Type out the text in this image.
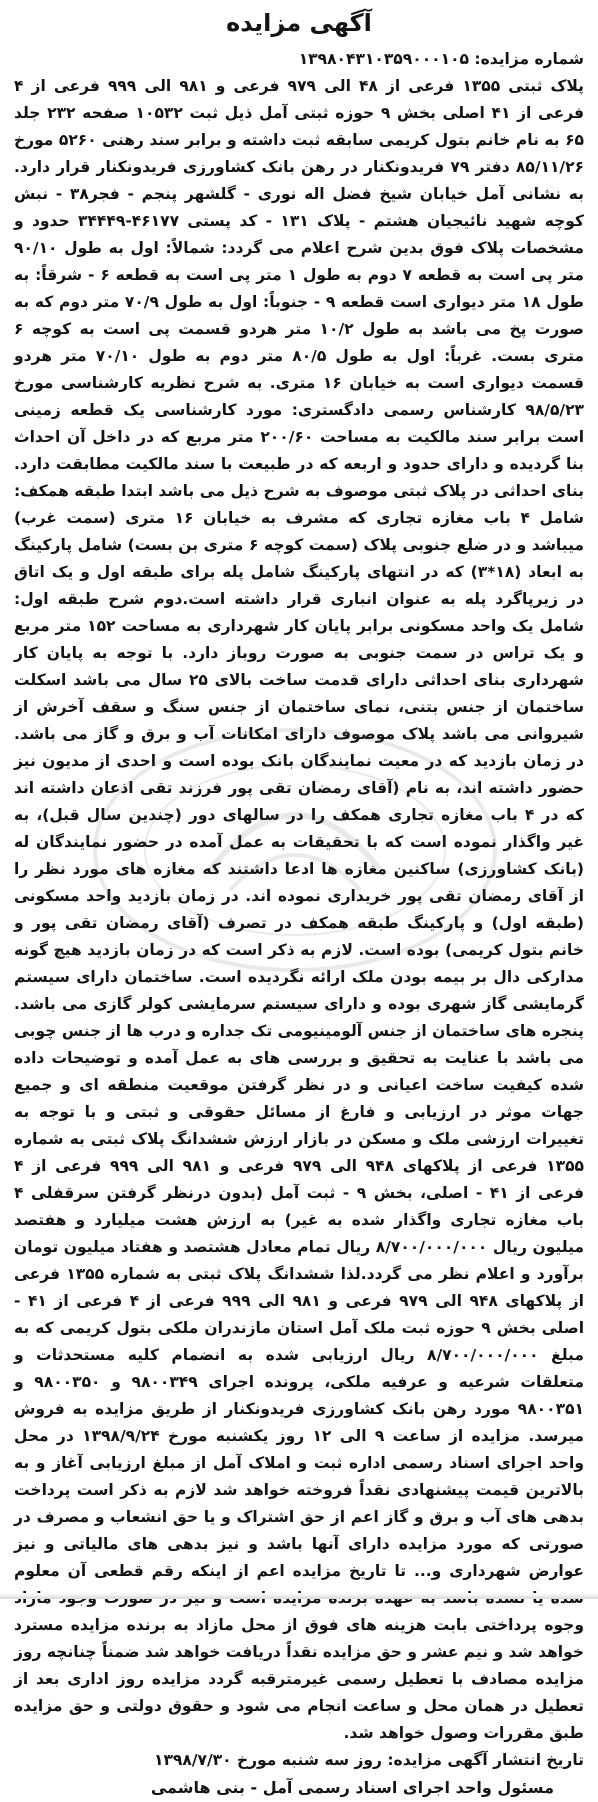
آگهی مزایده

شماره مزایده: ۱۳۹۸۰۴۳۱۰۳۵۹۰۰۰۱۰۵

پلاک ثبتی ۱۳۵۵ فرعی از ۴۸ الی ۹۷۹ فرعی و ۹۸۱ الی ۹۹۹ فرعی از ۴ فرعی از ۴۱ اصلی بخش ۹ حوزه ثبتی آمل ذیل ثبت ۱۰۵۳۲ صفحه ۲۳۲ جلد ۶۵ به نام خانم بتول کریمی سابقه ثبت داشته و برابر سند رهنی ۵۲۶۰ مورخ ۸۵/۱۱/۲۶ دفتر ۷۹ فریدونکنار در رهن بانک کشاورزی فریدونکنار قرار دارد. به نشانی آمل خیابان شیخ فضل اله نوری - گلشهر پنجم - فجر۳۸ - نبش کوچه شهید نائیجیان هشتم - پلاک ۱۳۱ - کد پستی ۴۶۱۷۷-۳۴۴۴۹ حدود و مشخصات پلاک فوق بدین شرح اعلام می گردد: شمالاً: اول به طول ۹۰/۱۰ متر پی است به قطعه ۷ دوم به طول ۱ متر پی است به قطعه ۶ - شرقاً: به طول ۱۸ متر دیواری است قطعه ۹ - جنوباً: اول به طول ۷۰/۹ متر دوم که به صورت پخ می باشد به طول ۱۰/۲ متر هردو قسمت پی است به کوچه ۶ متری بست. غرباً: اول به طول ۸۰/۵ متر دوم به طول ۷۰/۱۰ متر هردو قسمت دیواری است به خیابان ۱۶ متری. به شرح نظریه کارشناسی مورخ ۹۸/۵/۲۳ کارشناس رسمی دادگستری: مورد کارشناسی یک قطعه زمینی است برابر سند مالکیت به مساحت ۲۰۰/۶۰ متر مربع که در داخل آن احداث بنا گردیده و دارای حدود و اربعه که در طبیعت با سند مالکیت مطابقت دارد. بنای احداثی در پلاک ثبتی موصوف به شرح ذیل می باشد ابتدا طبقه همکف: شامل ۴ باب مغازه تجاری که مشرف به خیابان ۱۶ متری (سمت غرب) میباشد و در ضلع جنوبی پلاک (سمت کوچه ۶ متری بن بست) شامل پارکینگ به ابعاد (۱۸*۳) که در انتهای پارکینگ شامل پله برای طبقه اول و یک اتاق در زیرپاگرد پله به عنوان انباری قرار داشته است.دوم شرح طبقه اول: شامل یک واحد مسکونی برابر پایان کار شهرداری به مساحت ۱۵۲ متر مربع و یک تراس در سمت جنوبی به صورت روباز دارد. با توجه به پایان کار شهرداری بنای احداثی دارای قدمت ساخت بالای ۲۵ سال می باشد اسکلت ساختمان از جنس بتنی، نمای ساختمان از جنس سنگ و سقف آخرش از شیروانی می باشد پلاک موصوف دارای امکانات آب و برق و گاز می باشد. در زمان بازدید که در معیت نمایندگان بانک بوده است و احدی از مدیون نیز حضور داشته اند، به نام (آقای رمضان تقی پور فرزند تقی اذعان داشته اند که در ۴ باب مغازه تجاری همکف را در سالهای دور (چندین سال قبل)، به غیر واگذار نموده است که با تحقیقات به عمل آمده در حضور نمایندگان له (بانک کشاورزی) ساکنین مغازه ها ادعا داشتند که مغازه های مورد نظر را از آقای رمضان تقی پور خریداری نموده اند. در زمان بازدید واحد مسکونی (طبقه اول) و پارکینگ طبقه همکف در تصرف (آقای رمضان تقی پور و خانم بتول کریمی) بوده است. لازم به ذکر است که در زمان بازدید هیچ گونه مدارکی دال بر بیمه بودن ملک ارائه نگردیده است. ساختمان دارای سیستم گرمایشی گاز شهری بوده و دارای سیستم سرمایشی کولر گازی می باشد. پنجره های ساختمان از جنس آلومینیومی تک جداره و درب ها از جنس چوبی می باشد با عنایت به تحقیق و بررسی های به عمل آمده و توضیحات داده شده کیفیت ساخت اعیانی و در نظر گرفتن موقعیت منطقه ای و جمیع جهات موثر در ارزیابی و فارغ از مسائل حقوقی و ثبتی و با توجه به تغییرات ارزشی ملک و مسکن در بازار ارزش ششدانگ پلاک ثبتی به شماره ۱۳۵۵ فرعی از پلاکهای ۹۴۸ الی ۹۷۹ فرعی و ۹۸۱ الی ۹۹۹ فرعی از ۴ فرعی از ۴۱ - اصلی، بخش ۹ - ثبت آمل (بدون درنظر گرفتن سرقفلی ۴ باب مغازه تجاری واگذار شده به غیر) به ارزش هشت میلیارد و هفتصد میلیون ریال ۸/۷۰۰/۰۰۰/۰۰۰ ریال تمام معادل هشتصد و هفتاد میلیون تومان برآورد و اعلام نظر می گردد.لذا ششدانگ پلاک ثبتی به شماره ۱۳۵۵ فرعی از پلاکهای ۹۴۸ الی ۹۷۹ فرعی و ۹۸۱ الی ۹۹۹ فرعی از ۴ فرعی از ۴۱ - اصلی بخش ۹ حوزه ثبت ملک آمل استان مازندران ملکی بتول کریمی که به مبلغ ۸/۷۰۰/۰۰۰/۰۰۰ ریال ارزیابی شده به انضمام کلیه مستحدثات و متعلقات شرعیه و عرفیه ملکی، پرونده اجرای ۹۸۰۰۳۴۹ و ۹۸۰۰۳۵۰ و ۹۸۰۰۳۵۱ مورد رهن بانک کشاورزی فریدونکنار از طریق مزایده به فروش میرسد. مزایده از ساعت ۹ الی ۱۲ روز یکشنبه مورخ ۱۳۹۸/۹/۲۴ در محل واحد اجرای اسناد رسمی اداره ثبت و املاک آمل از مبلغ ارزیابی آغاز و به بالاترین قیمت پیشنهادی نقداً فروخته خواهد شد لازم به ذکر است پرداخت بدهی های آب و برق و گاز اعم از حق اشتراک و یا حق انشعاب و مصرف در صورتی که مورد مزایده دارای آنها باشد و نیز بدهی های مالیاتی و نیز عوارض شهرداری و... تا تاریخ مزایده اعم از اینکه رقم قطعی آن معلوم وجوه پرداختی بابت هزینه های فوق از محل مازاد به برنده مزایده مسترد خواهد شد و نیم عشر و حق مزایده نقداً دریافت خواهد شد ضمناً چنانچه روز مزایده مصادف با تعطیل رسمی غیرمترقبه گردد مزایده روز اداری بعد از تعطیل در همان محل و ساعت انجام می شود و حقوق دولتی و حق مزایده طبق مقررات وصول خواهد شد.

تاریخ انتشار آگهی مزایده: روز سه شنبه مورخ ۱۳۹۸/۷/۳۰

مسئول واحد اجرای اسناد رسمی آمل - بنی هاشمی
